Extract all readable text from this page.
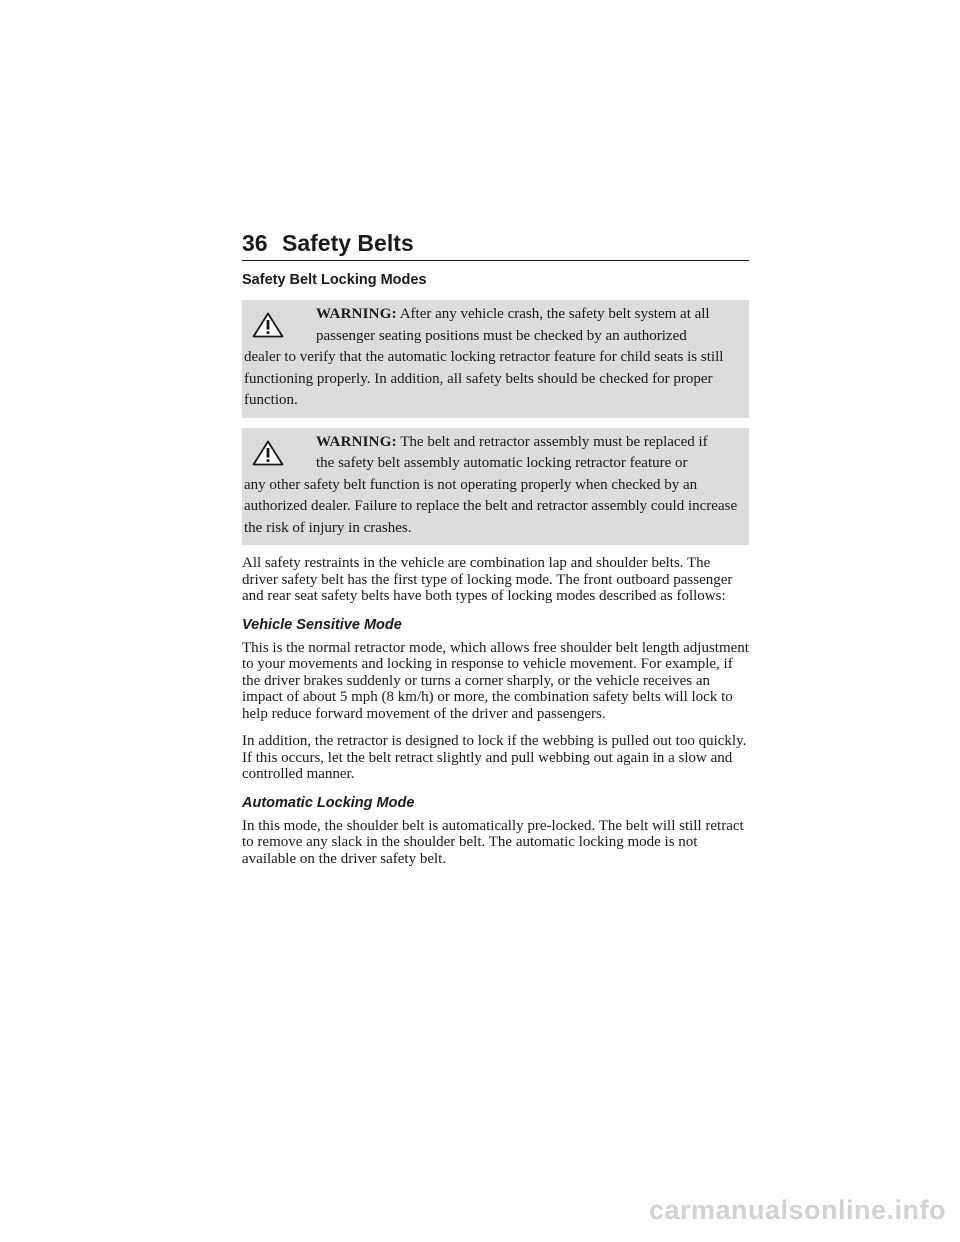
36 Safety Belts
Safety Belt Locking Modes
WARNING: After any vehicle crash, the safety belt system at all
passenger seating positions must be checked by an authorized
dealer to verify that the automatic locking retractor feature for child seats is still functioning properly. In addition, all safety belts should be checked for proper function.
WARNING: The belt and retractor assembly must be replaced if
the safety belt assembly automatic locking retractor feature or
any other safety belt function is not operating properly when checked by an authorized dealer. Failure to replace the belt and retractor assembly could increase the risk of injury in crashes.

All safety restraints in the vehicle are combination lap and shoulder belts. The driver safety belt has the first type of locking mode. The front outboard passenger and rear seat safety belts have both types of locking modes described as follows:

Vehicle Sensitive Mode

This is the normal retractor mode, which allows free shoulder belt length adjustment to your movements and locking in response to vehicle movement. For example, if the driver brakes suddenly or turns a corner sharply, or the vehicle receives an impact of about 5 mph (8 km/h) or more, the combination safety belts will lock to help reduce forward movement of the driver and passengers.

In addition, the retractor is designed to lock if the webbing is pulled out too quickly. If this occurs, let the belt retract slightly and pull webbing out again in a slow and controlled manner.

Automatic Locking Mode

In this mode, the shoulder belt is automatically pre-locked. The belt will still retract to remove any slack in the shoulder belt. The automatic locking mode is not available on the driver safety belt.

carmanualsonline.info
